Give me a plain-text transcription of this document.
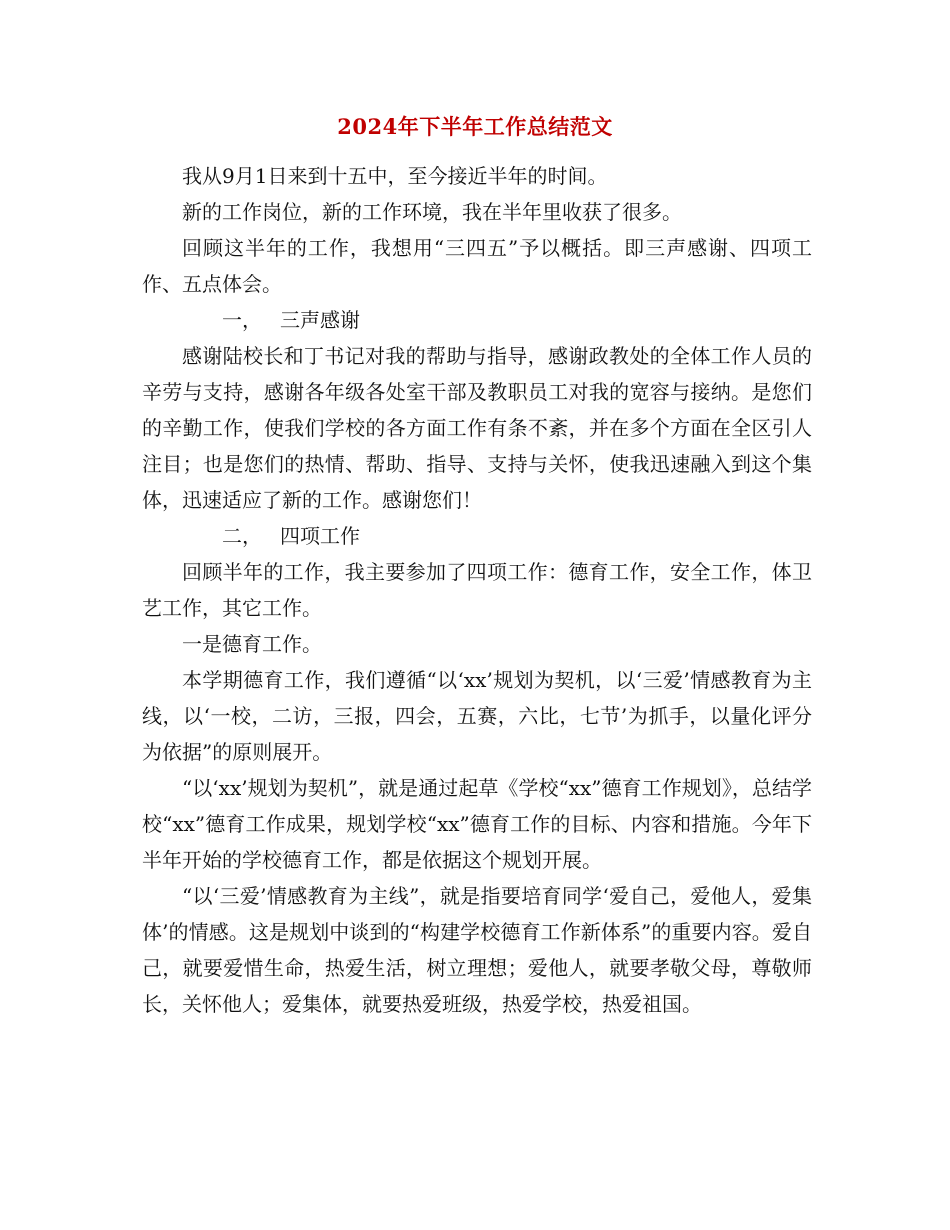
2024年下半年工作总结范文

我从9月1日来到十五中，至今接近半年的时间。

新的工作岗位，新的工作环境，我在半年里收获了很多。

回顾这半年的工作，我想用“三四五”予以概括。即三声感谢、四项工作、五点体会。

一， 三声感谢

感谢陆校长和丁书记对我的帮助与指导，感谢政教处的全体工作人员的辛劳与支持，感谢各年级各处室干部及教职员工对我的宽容与接纳。是您们的辛勤工作，使我们学校的各方面工作有条不紊，并在多个方面在全区引人注目；也是您们的热情、帮助、指导、支持与关怀，使我迅速融入到这个集体，迅速适应了新的工作。感谢您们！

二， 四项工作

回顾半年的工作，我主要参加了四项工作：德育工作，安全工作，体卫艺工作，其它工作。

一是德育工作。

本学期德育工作，我们遵循“以‘xx’规划为契机，以‘三爱’情感教育为主线，以‘一校，二访，三报，四会，五赛，六比，七节’为抓手，以量化评分为依据”的原则展开。

“以‘xx’规划为契机”，就是通过起草《学校“xx”德育工作规划》，总结学校“xx”德育工作成果，规划学校“xx”德育工作的目标、内容和措施。今年下半年开始的学校德育工作，都是依据这个规划开展。

“以‘三爱’情感教育为主线”，就是指要培育同学‘爱自己，爱他人，爱集体’的情感。这是规划中谈到的“构建学校德育工作新体系”的重要内容。爱自己，就要爱惜生命，热爱生活，树立理想；爱他人，就要孝敬父母，尊敬师长，关怀他人；爱集体，就要热爱班级，热爱学校，热爱祖国。
